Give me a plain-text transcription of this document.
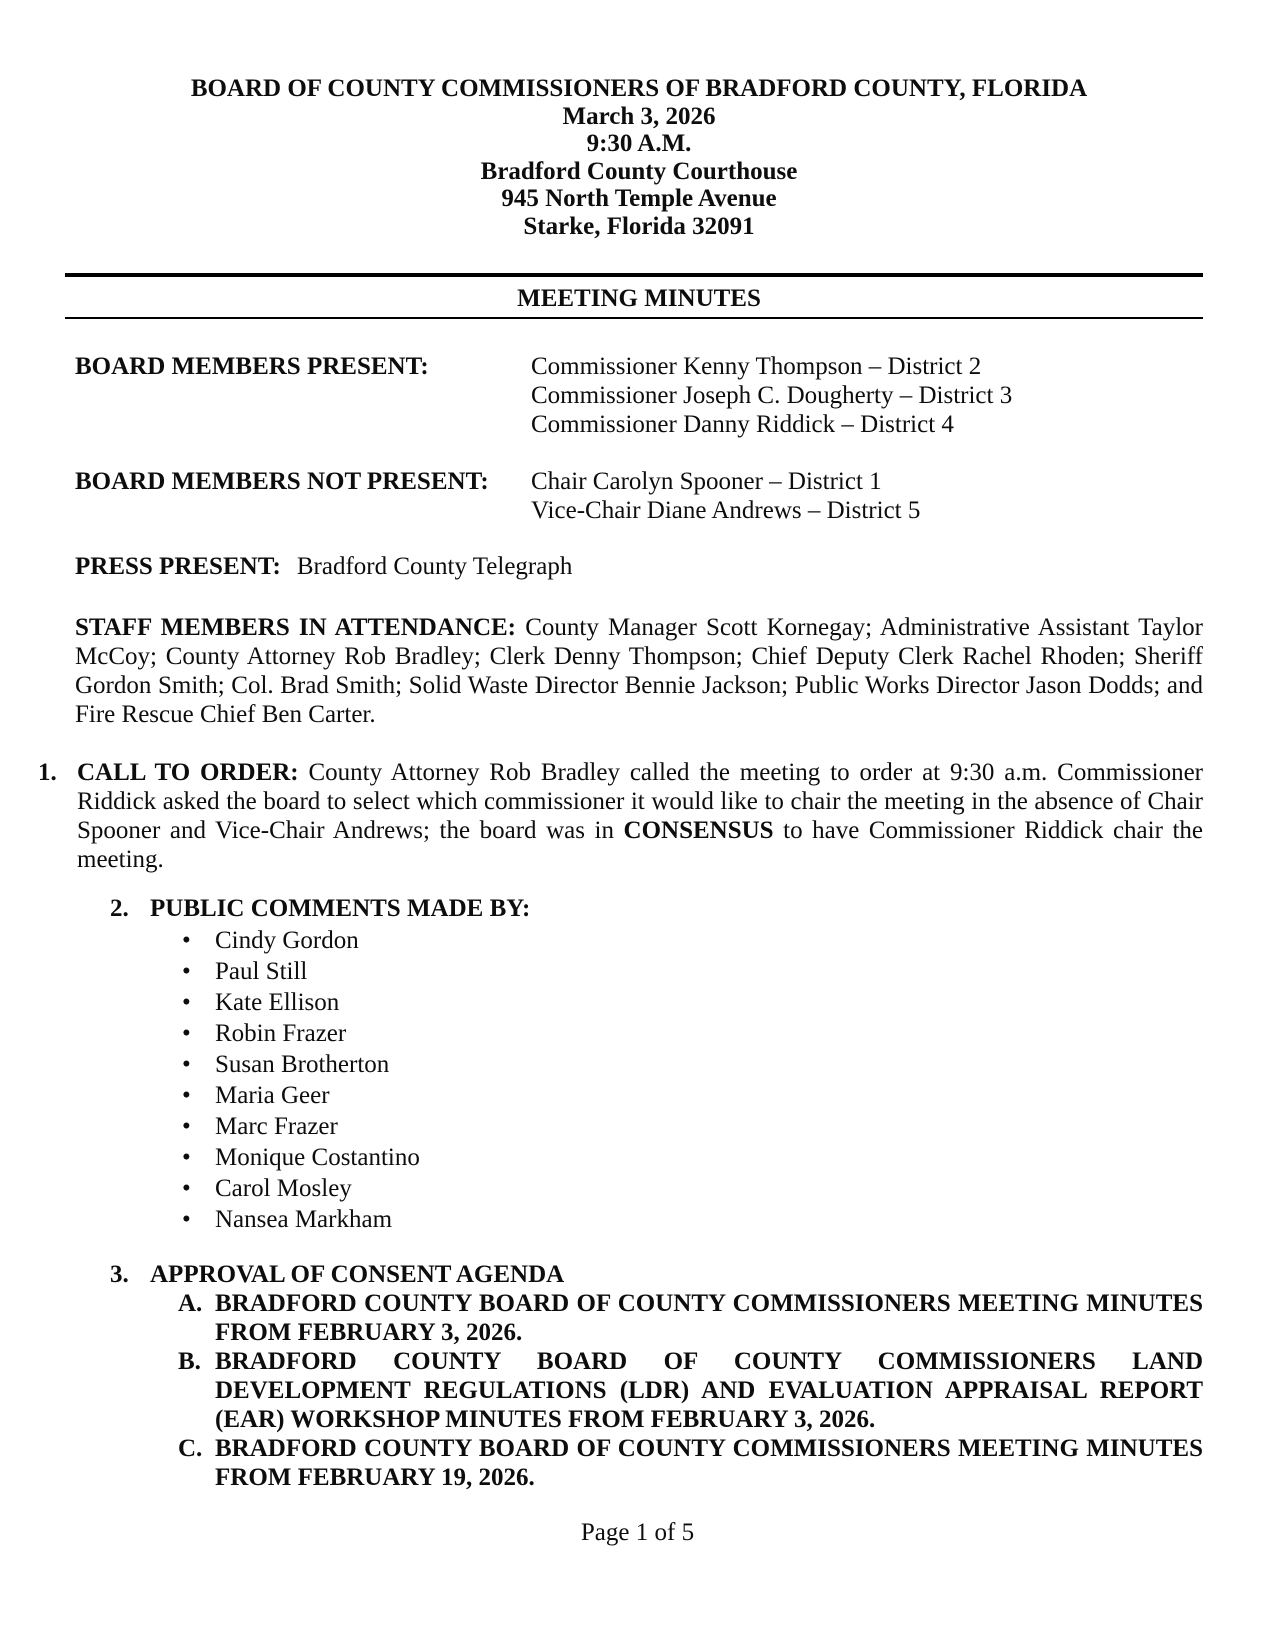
BOARD OF COUNTY COMMISSIONERS OF BRADFORD COUNTY, FLORIDA
March 3, 2026
9:30 A.M.
Bradford County Courthouse
945 North Temple Avenue
Starke, Florida 32091
MEETING MINUTES
BOARD MEMBERS PRESENT:	Commissioner Kenny Thompson – District 2
Commissioner Joseph C. Dougherty – District 3
Commissioner Danny Riddick – District 4
BOARD MEMBERS NOT PRESENT:	Chair Carolyn Spooner – District 1
Vice-Chair Diane Andrews – District 5

PRESS PRESENT: Bradford County Telegraph

STAFF MEMBERS IN ATTENDANCE: County Manager Scott Kornegay; Administrative Assistant Taylor McCoy; County Attorney Rob Bradley; Clerk Denny Thompson; Chief Deputy Clerk Rachel Rhoden; Sheriff Gordon Smith; Col. Brad Smith; Solid Waste Director Bennie Jackson; Public Works Director Jason Dodds; and Fire Rescue Chief Ben Carter.

1. CALL TO ORDER: County Attorney Rob Bradley called the meeting to order at 9:30 a.m. Commissioner Riddick asked the board to select which commissioner it would like to chair the meeting in the absence of Chair Spooner and Vice-Chair Andrews; the board was in CONSENSUS to have Commissioner Riddick chair the meeting.
2. PUBLIC COMMENTS MADE BY:
• Cindy Gordon
• Paul Still
• Kate Ellison
• Robin Frazer
• Susan Brotherton
• Maria Geer
• Marc Frazer
• Monique Costantino
• Carol Mosley
• Nansea Markham
3. APPROVAL OF CONSENT AGENDA
A. BRADFORD COUNTY BOARD OF COUNTY COMMISSIONERS MEETING MINUTES FROM FEBRUARY 3, 2026.
B. BRADFORD COUNTY BOARD OF COUNTY COMMISSIONERS LAND DEVELOPMENT REGULATIONS (LDR) AND EVALUATION APPRAISAL REPORT (EAR) WORKSHOP MINUTES FROM FEBRUARY 3, 2026.
C. BRADFORD COUNTY BOARD OF COUNTY COMMISSIONERS MEETING MINUTES FROM FEBRUARY 19, 2026.
Page 1 of 5
